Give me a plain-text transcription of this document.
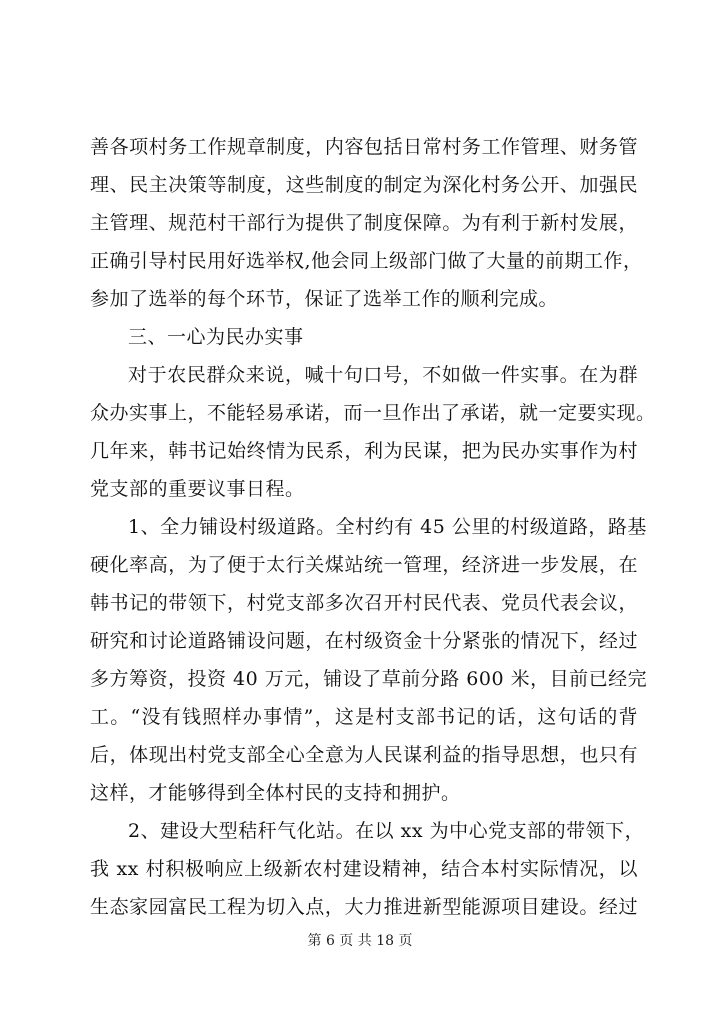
善各项村务工作规章制度，内容包括日常村务工作管理、财务管
理、民主决策等制度，这些制度的制定为深化村务公开、加强民
主管理、规范村干部行为提供了制度保障。为有利于新村发展，
正确引导村民用好选举权,他会同上级部门做了大量的前期工作，
参加了选举的每个环节，保证了选举工作的顺利完成。
三、一心为民办实事
对于农民群众来说，喊十句口号，不如做一件实事。在为群
众办实事上，不能轻易承诺，而一旦作出了承诺，就一定要实现。
几年来，韩书记始终情为民系，利为民谋，把为民办实事作为村
党支部的重要议事日程。
1、全力铺设村级道路。全村约有 45 公里的村级道路，路基
硬化率高，为了便于太行关煤站统一管理，经济进一步发展，在
韩书记的带领下，村党支部多次召开村民代表、党员代表会议，
研究和讨论道路铺设问题，在村级资金十分紧张的情况下，经过
多方筹资，投资 40 万元，铺设了草前分路 600 米，目前已经完
工。“没有钱照样办事情”，这是村支部书记的话，这句话的背
后，体现出村党支部全心全意为人民谋利益的指导思想，也只有
这样，才能够得到全体村民的支持和拥护。
2、建设大型秸秆气化站。在以 xx 为中心党支部的带领下，
我 xx 村积极响应上级新农村建设精神，结合本村实际情况，以
生态家园富民工程为切入点，大力推进新型能源项目建设。经过
第 6 页 共 18 页
